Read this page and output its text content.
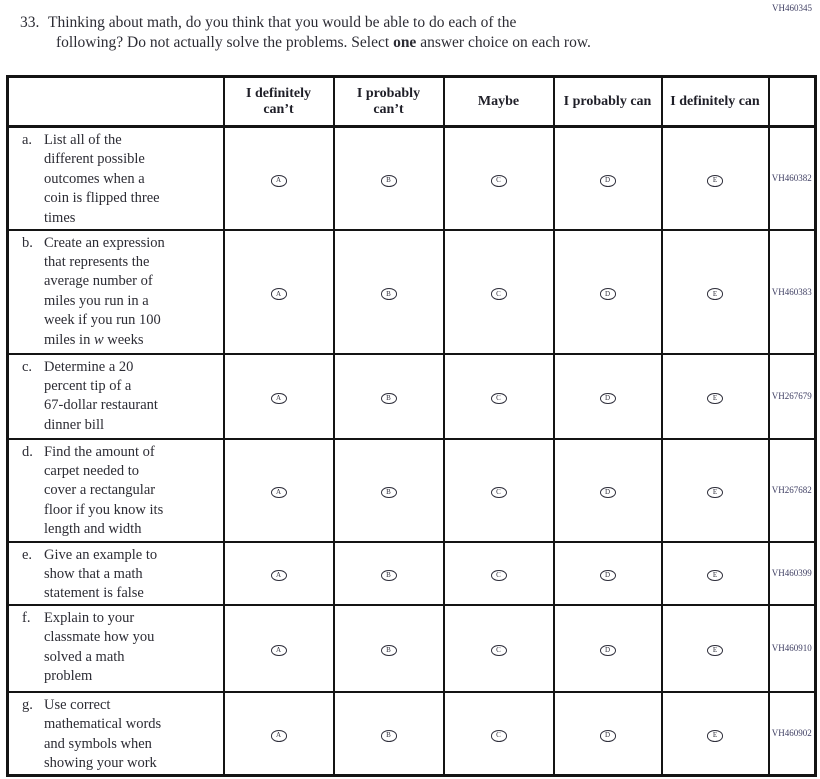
VH460345
33. Thinking about math, do you think that you would be able to do each of the
following? Do not actually solve the problems. Select one answer choice on each row.
	I definitely can’t	I probably can’t	Maybe	I probably can	I definitely can	

a. List all of the
different possible
outcomes when a
coin is flipped three
times
	A	B	C	D	E	VH460382

b. Create an expression
that represents the
average number of
miles you run in a
week if you run 100
miles in w weeks
	A	B	C	D	E	VH460383

c. Determine a 20
percent tip of a
67-dollar restaurant
dinner bill	A	B	C	D	E	VH267679

d. Find the amount of
carpet needed to
cover a rectangular
floor if you know its
length and width
	A	B	C	D	E	VH267682

e. Give an example to
show that a math
statement is false	A	B	C	D	E	VH460399

f. Explain to your
classmate how you
solved a math
problem	A	B	C	D	E	VH460910

g. Use correct
mathematical words
and symbols when
showing your work	A	B	C	D	E	VH460902
